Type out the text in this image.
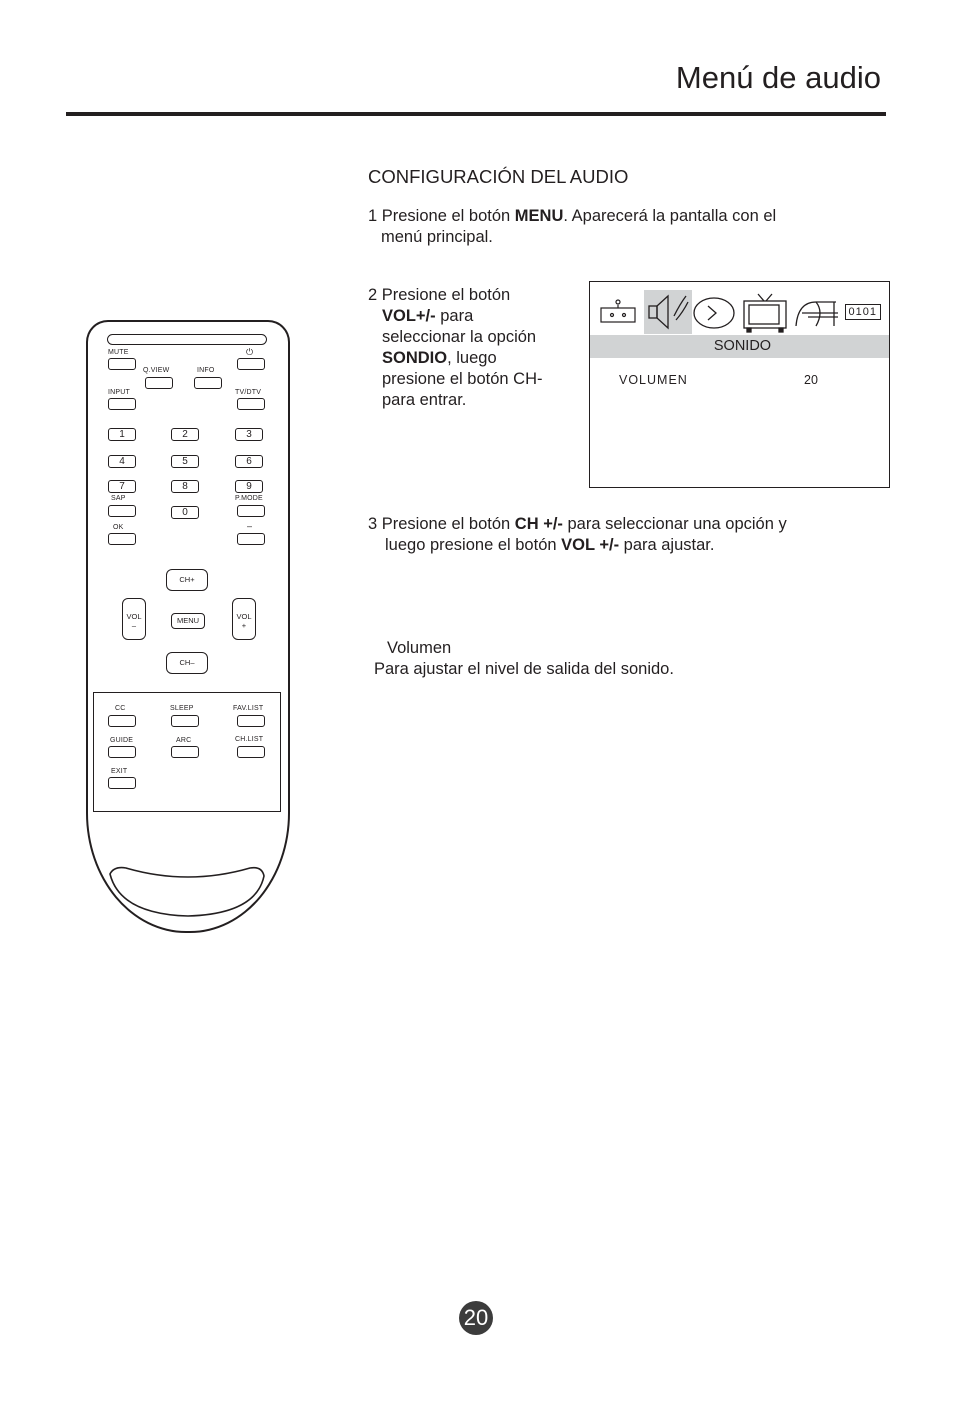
Menú de audio
CONFIGURACIÓN DEL AUDIO
1 Presione el botón MENU. Aparecerá la pantalla con el
menú principal.
2 Presione el botón
VOL+/- para
seleccionar la opción
SONDIO, luego
presione el botón CH-
para entrar.
0101
SONIDO
VOLUMEN	20
3 Presione el botón CH +/- para seleccionar una opción y
luego presione el botón VOL +/- para ajustar.
Volumen
Para ajustar el nivel de salida del sonido.
MUTE	⏻
Q.VIEW	INFO
INPUT	TV/DTV
1	2	3
4	5	6
7	8	9
SAP
0
P.MODE
OK	–
CH+
CH–
VOL
–
VOL
+
MENU
CC	SLEEP	FAV.LIST
GUIDE	ARC	CH.LIST
EXIT
20
